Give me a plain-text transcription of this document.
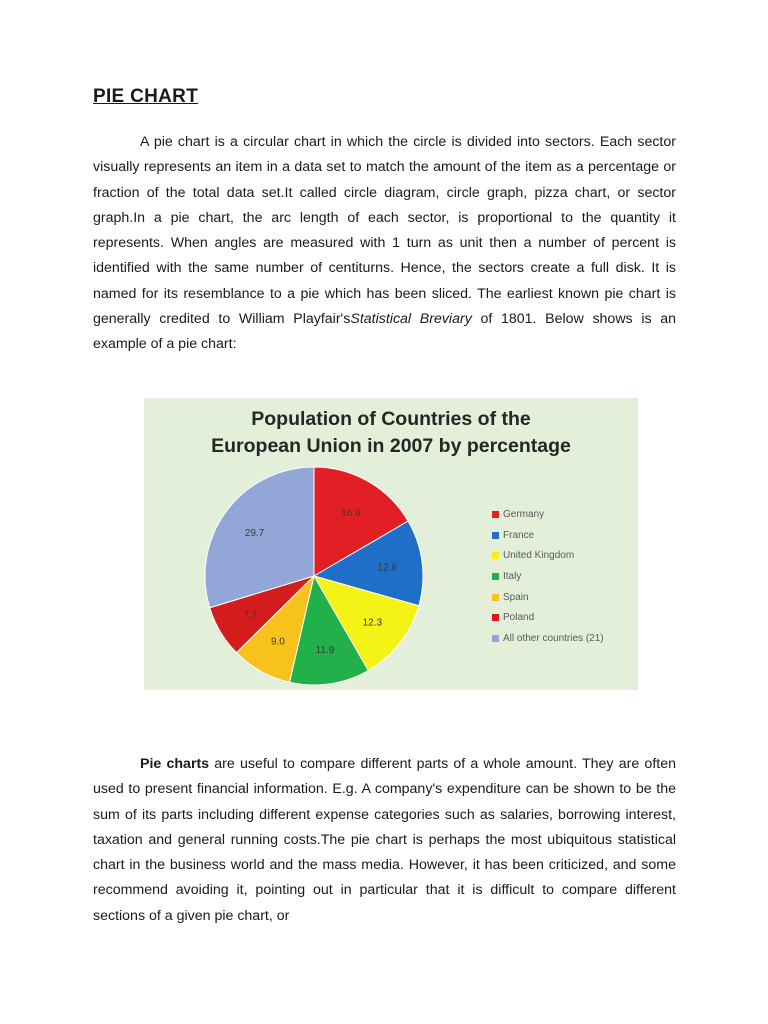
PIE CHART

A pie chart is a circular chart in which the circle is divided into sectors. Each sector visually represents an item in a data set to match the amount of the item as a percentage or fraction of the total data set.It called circle diagram, circle graph, pizza chart, or sector graph.In a pie chart, the arc length of each sector, is proportional to the quantity it represents. When angles are measured with 1 turn as unit then a number of percent is identified with the same number of centiturns. Hence, the sectors create a full disk. It is named for its resemblance to a pie which has been sliced. The earliest known pie chart is generally credited to William Playfair'sStatistical Breviary of 1801. Below shows is an example of a pie chart:

16.6
12.8
12.3
11.9
9.0
7.7
29.7
Population of Countries of the
European Union in 2007 by percentage
Germany
France
United Kingdom
Italy
Spain
Poland
All other countries (21)

Pie charts are useful to compare different parts of a whole amount. They are often used to present financial information. E.g. A company's expenditure can be shown to be the sum of its parts including different expense categories such as salaries, borrowing interest, taxation and general running costs.The pie chart is perhaps the most ubiquitous statistical chart in the business world and the mass media. However, it has been criticized, and some recommend avoiding it, pointing out in particular that it is difficult to compare different sections of a given pie chart, or
